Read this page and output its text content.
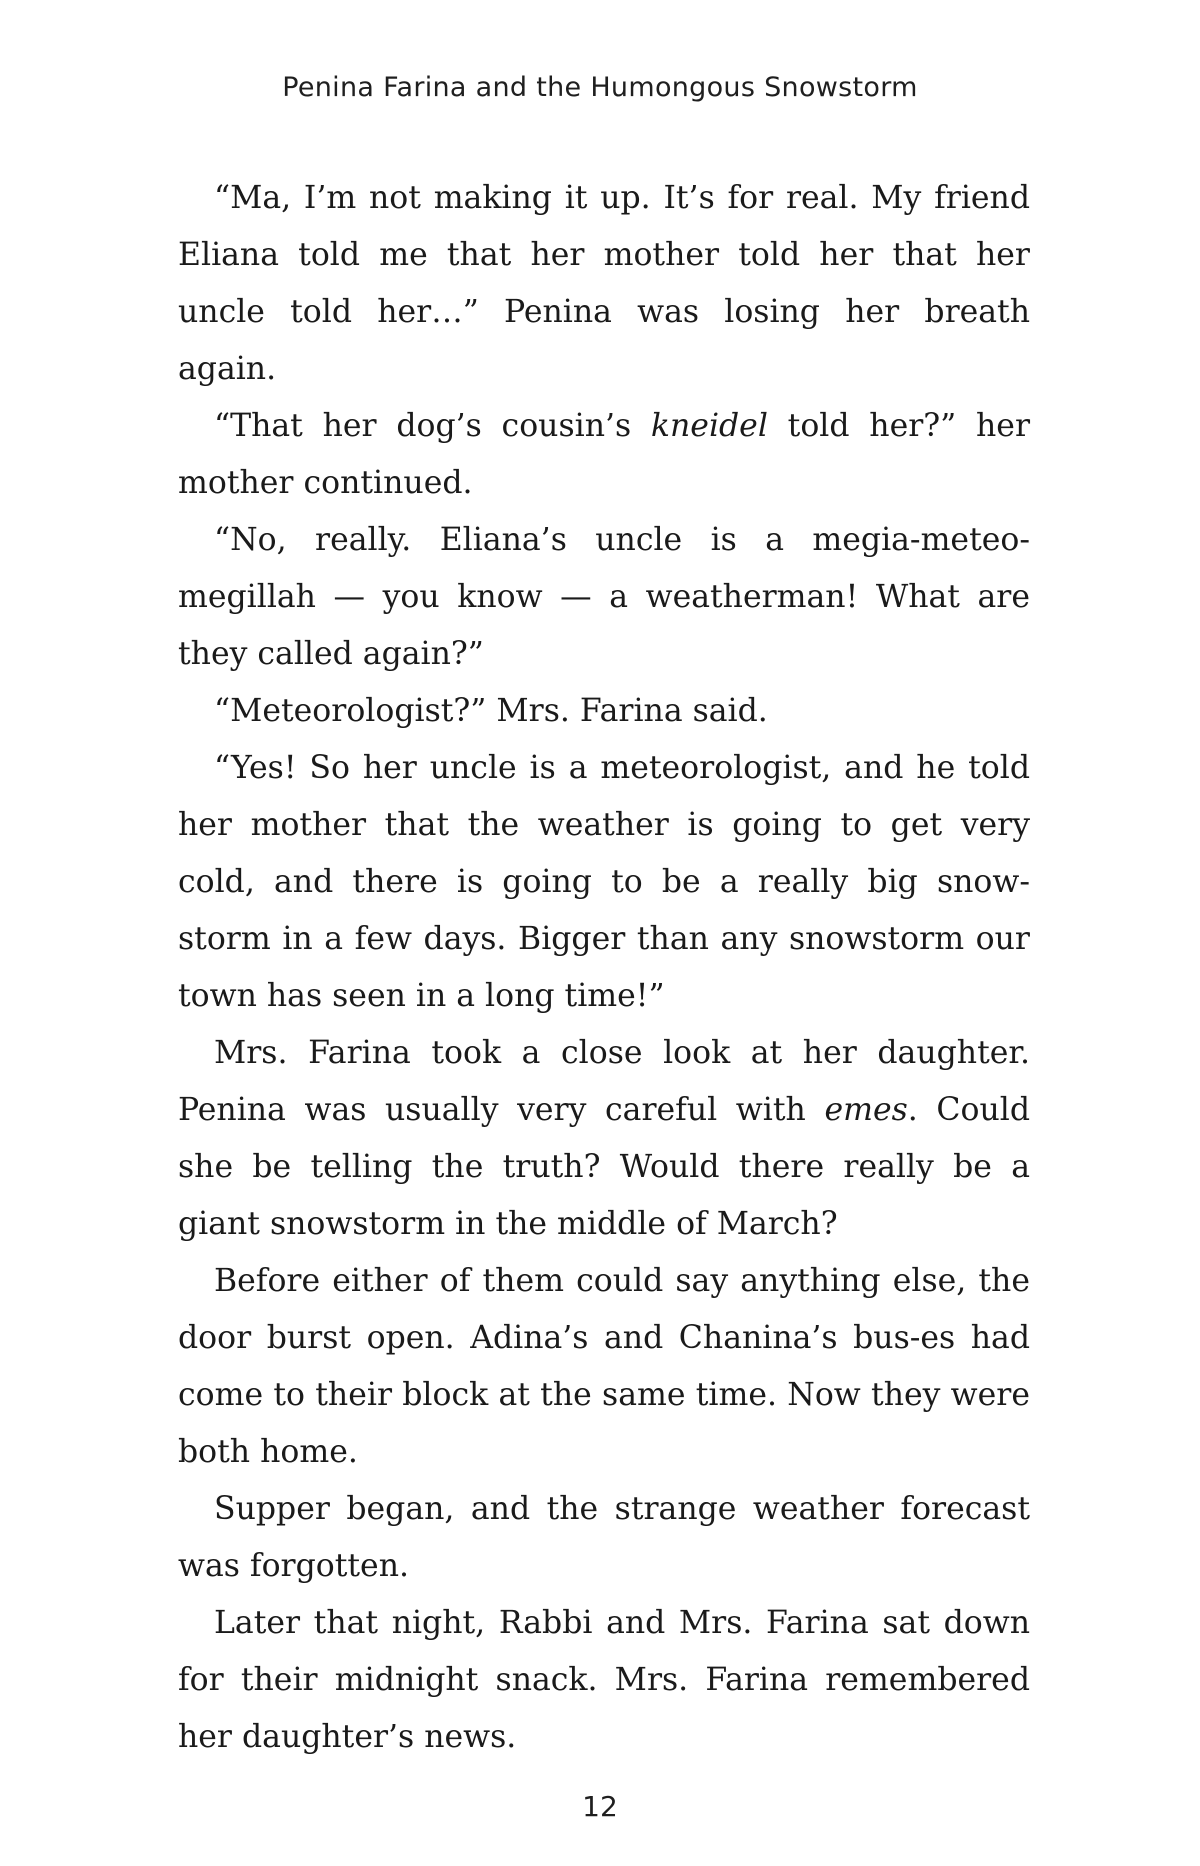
Penina Farina and the Humongous Snowstorm

“Ma, I’m not making it up. It’s for real. My friend Eliana told me that her mother told her that her uncle told her…” Penina was losing her breath again.

“That her dog’s cousin’s kneidel told her?” her mother continued.

“No, really. Eliana’s uncle is a megia-meteo-megillah — you know — a weatherman! What are they called again?”

“Meteorologist?” Mrs. Farina said.

“Yes! So her uncle is a meteorologist, and he told her mother that the weather is going to get very cold, and there is going to be a really big snow-storm in a few days. Bigger than any snowstorm our town has seen in a long time!”

Mrs. Farina took a close look at her daughter. Penina was usually very careful with emes. Could she be telling the truth? Would there really be a giant snowstorm in the middle of March?

Before either of them could say anything else, the door burst open. Adina’s and Chanina’s bus-es had come to their block at the same time. Now they were both home.

Supper began, and the strange weather forecast was forgotten.

Later that night, Rabbi and Mrs. Farina sat down for their midnight snack. Mrs. Farina remembered her daughter’s news.

12
